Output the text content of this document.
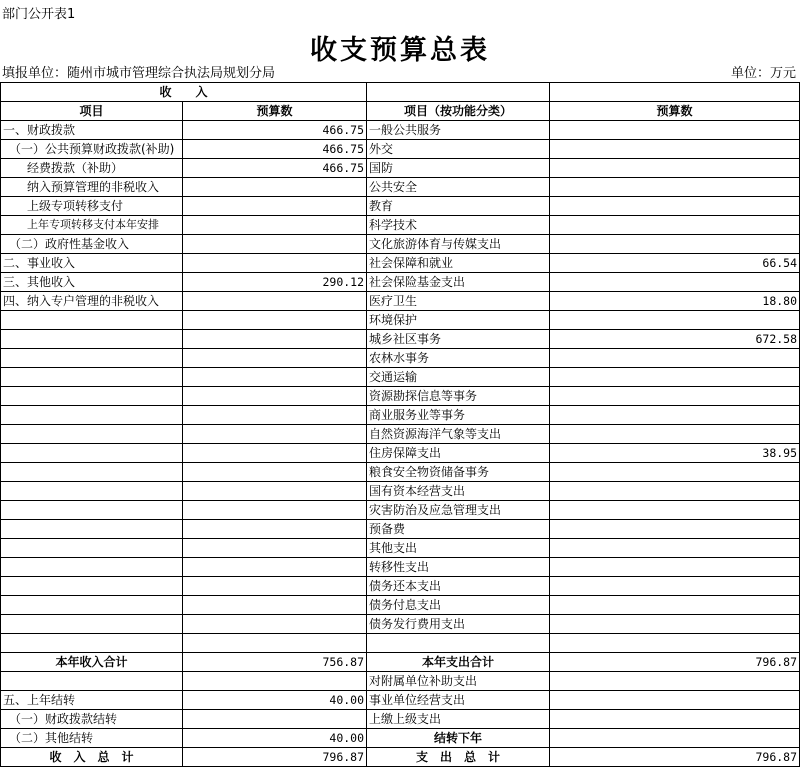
部门公开表1
收支预算总表
填报单位：随州市城市管理综合执法局规划分局	单位：万元
收　　入			
项目	预算数	项目（按功能分类）	预算数
一、财政拨款	466.75	一般公共服务	
（一）公共预算财政拨款(补助)	466.75	外交	
经费拨款（补助）	466.75	国防	
纳入预算管理的非税收入		公共安全	
上级专项转移支付		教育	
上年专项转移支付本年安排		科学技术	
（二）政府性基金收入		文化旅游体育与传媒支出	
二、事业收入		社会保障和就业	66.54
三、其他收入	290.12	社会保险基金支出	
四、纳入专户管理的非税收入		医疗卫生	18.80
		环境保护	
		城乡社区事务	672.58
		农林水事务	
		交通运输	
		资源勘探信息等事务	
		商业服务业等事务	
		自然资源海洋气象等支出	
		住房保障支出	38.95
		粮食安全物资储备事务	
		国有资本经营支出	
		灾害防治及应急管理支出	
		预备费	
		其他支出	
		转移性支出	
		债务还本支出	
		债务付息支出	
		债务发行费用支出	

本年收入合计	756.87	本年支出合计	796.87
		对附属单位补助支出	
五、上年结转	40.00	事业单位经营支出	
（一）财政拨款结转		上缴上级支出	
（二）其他结转	40.00	结转下年	
收　入　总　计	796.87	支　出　总　计	796.87
